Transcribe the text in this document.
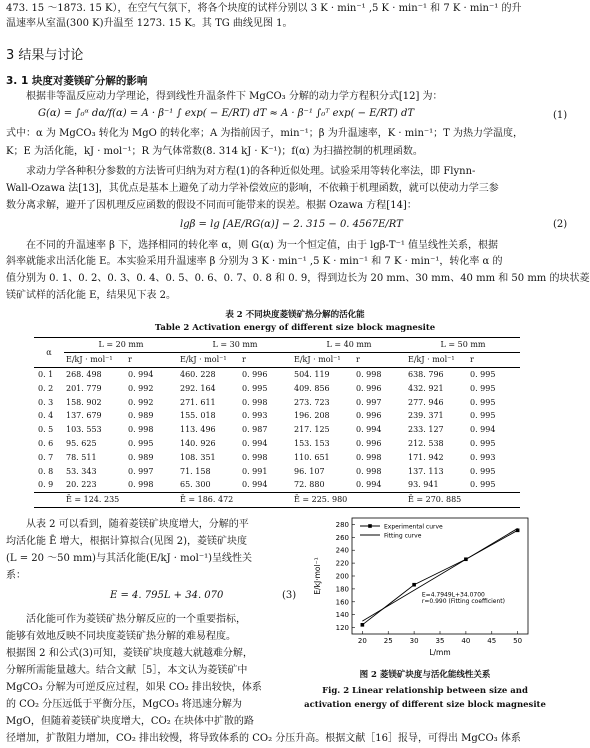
473. 15 ～1873. 15 K），在空气气氛下，将各个块度的试样分别以 3 K · min⁻¹ ,5 K · min⁻¹ 和 7 K · min⁻¹ 的升
温速率从室温(300 K)升温至 1273. 15 K。其 TG 曲线见图 1。
3 结果与讨论
3. 1 块度对菱镁矿分解的影响
根据非等温反应动力学理论，得到线性升温条件下 MgCO₃ 分解的动力学方程积分式[12] 为：
G(α) = ∫₀ᵅ dα/f(α) = A · β⁻¹ ∫ exp( − E/RT) dT ≈ A · β⁻¹ ∫₀ᵀ exp( − E/RT) dT	(1)
式中：α 为 MgCO₃ 转化为 MgO 的转化率；A 为指前因子，min⁻¹；β 为升温速率，K · min⁻¹；T 为热力学温度，
K；E 为活化能，kJ · mol⁻¹；R 为气体常数(8. 314 kJ · K⁻¹)；f(α) 为扫描控制的机理函数。
求动力学各种积分参数的方法皆可归纳为对方程(1)的各种近似处理。试验采用等转化率法，即 Flynn-
Wall-Ozawa 法[13]，其优点是基本上避免了动力学补偿效应的影响，不依赖于机理函数，就可以使动力学三参
数分离求解，避开了因机理反应函数的假设不同而可能带来的误差。根据 Ozawa 方程[14]：
lgβ = lg [AE/RG(α)] − 2. 315 − 0. 4567E/RT	(2)
在不同的升温速率 β 下，选择相同的转化率 α，则 G(α) 为一个恒定值，由于 lgβ-T⁻¹ 值呈线性关系，根据
斜率就能求出活化能 E。本实验采用升温速率 β 分别为 3 K · min⁻¹ ,5 K · min⁻¹ 和 7 K · min⁻¹，转化率 α 的
值分别为 0. 1、0. 2、0. 3、0. 4、0. 5、0. 6、0. 7、0. 8 和 0. 9，得到边长为 20 mm、30 mm、40 mm 和 50 mm 的块状菱
镁矿试样的活化能 E，结果见下表 2。
表 2 不同块度菱镁矿热分解的活化能
Table 2 Activation energy of different size block magnesite
α	L = 20 mm		L = 30 mm		L = 40 mm		L = 50 mm	
	E/kJ · mol⁻¹	r	E/kJ · mol⁻¹	r	E/kJ · mol⁻¹	r	E/kJ · mol⁻¹	r
0. 1	268. 498	0. 994	460. 228	0. 996	504. 119	0. 998	638. 796	0. 995
0. 2	201. 779	0. 992	292. 164	0. 995	409. 856	0. 996	432. 921	0. 995
0. 3	158. 902	0. 992	271. 611	0. 998	273. 723	0. 997	277. 946	0. 995
0. 4	137. 679	0. 989	155. 018	0. 993	196. 208	0. 996	239. 371	0. 995
0. 5	103. 553	0. 998	113. 496	0. 987	217. 125	0. 994	233. 127	0. 994
0. 6	95. 625	0. 995	140. 926	0. 994	153. 153	0. 996	212. 538	0. 995
0. 7	78. 511	0. 989	108. 351	0. 998	110. 651	0. 998	171. 942	0. 993
0. 8	53. 343	0. 997	71. 158	0. 991	96. 107	0. 998	137. 113	0. 995
0. 9	20. 223	0. 998	65. 300	0. 994	72. 880	0. 994	93. 941	0. 995
	Ē = 124. 235		Ē = 186. 472		Ē = 225. 980		Ē = 270. 885	
从表 2 可以看到，随着菱镁矿块度增大，分解的平
均活化能 Ē 增大，根据计算拟合(见图 2)，菱镁矿块度
(L = 20 ～50 mm)与其活化能(E/kJ · mol⁻¹)呈线性关
系：
E = 4. 795L + 34. 070	(3)
活化能可作为菱镁矿热分解反应的一个重要指标，
能够有效地反映不同块度菱镁矿热分解的难易程度。
根据图 2 和公式(3)可知，菱镁矿块度越大就越难分解，
分解所需能量越大。结合文献［5］，本文认为菱镁矿中
MgCO₃ 分解为可逆反应过程，如果 CO₂ 排出较快，体系
的 CO₂ 分压远低于平衡分压，MgCO₃ 将迅速分解为
MgO，但随着菱镁矿块度增大，CO₂ 在块体中扩散的路
径增加，扩散阻力增加，CO₂ 排出较慢，将导致体系的 CO₂ 分压升高。根据文献［16］报导，可得出 MgCO₃ 体系
20 25 30 35 40 45 50
120
140
160
180
200
220
240
260
280
L/mm
E/kJ·mol⁻¹
Experimental curve
Fitting curve
E=4.7949L+34.0700
r=0.990 (Fitting coefficient)
图 2 菱镁矿块度与活化能线性关系
Fig. 2 Linear relationship between size and
activation energy of different size block magnesite
